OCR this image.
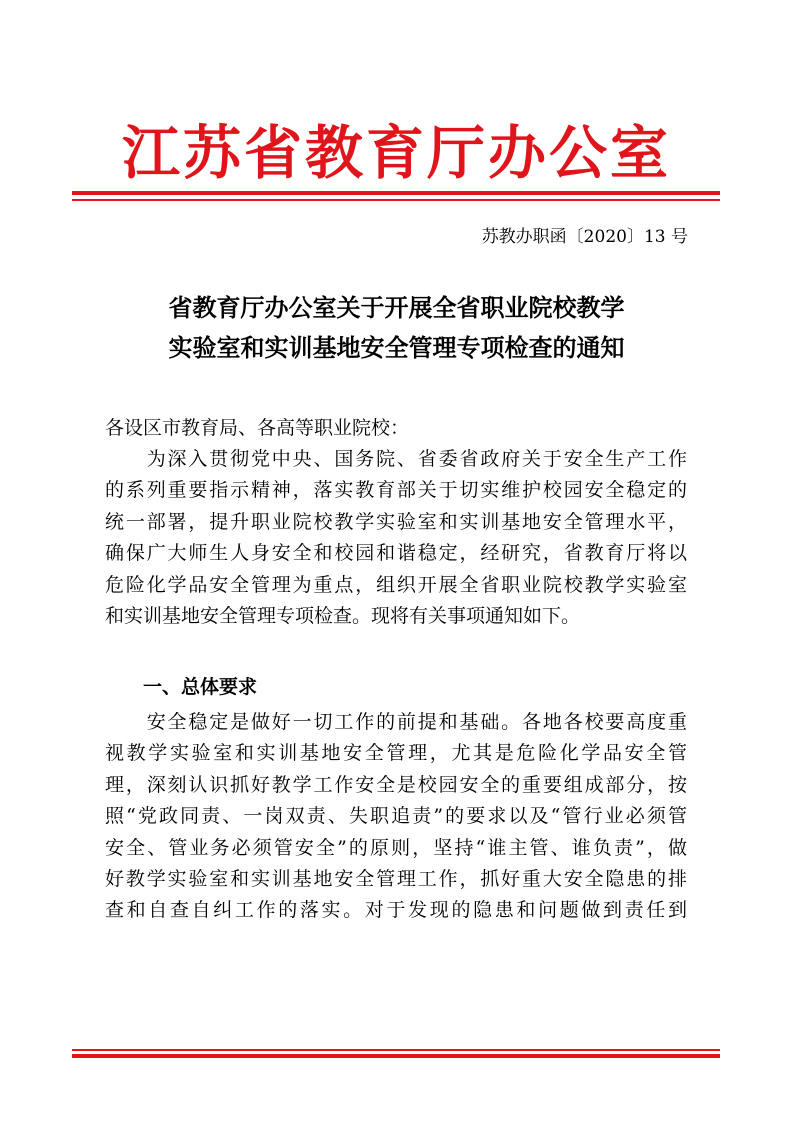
江苏省教育厅办公室
苏教办职函〔2020〕13 号
省教育厅办公室关于开展全省职业院校教学
实验室和实训基地安全管理专项检查的通知
各设区市教育局、各高等职业院校：
　　为深入贯彻党中央、国务院、省委省政府关于安全生产工作
的系列重要指示精神，落实教育部关于切实维护校园安全稳定的
统一部署，提升职业院校教学实验室和实训基地安全管理水平，
确保广大师生人身安全和校园和谐稳定，经研究，省教育厅将以
危险化学品安全管理为重点，组织开展全省职业院校教学实验室
和实训基地安全管理专项检查。现将有关事项通知如下。
一、总体要求
　　安全稳定是做好一切工作的前提和基础。各地各校要高度重
视教学实验室和实训基地安全管理，尤其是危险化学品安全管
理，深刻认识抓好教学工作安全是校园安全的重要组成部分，按
照“党政同责、一岗双责、失职追责”的要求以及“管行业必须管
安全、管业务必须管安全”的原则，坚持“谁主管、谁负责”，做
好教学实验室和实训基地安全管理工作，抓好重大安全隐患的排
查和自查自纠工作的落实。对于发现的隐患和问题做到责任到
